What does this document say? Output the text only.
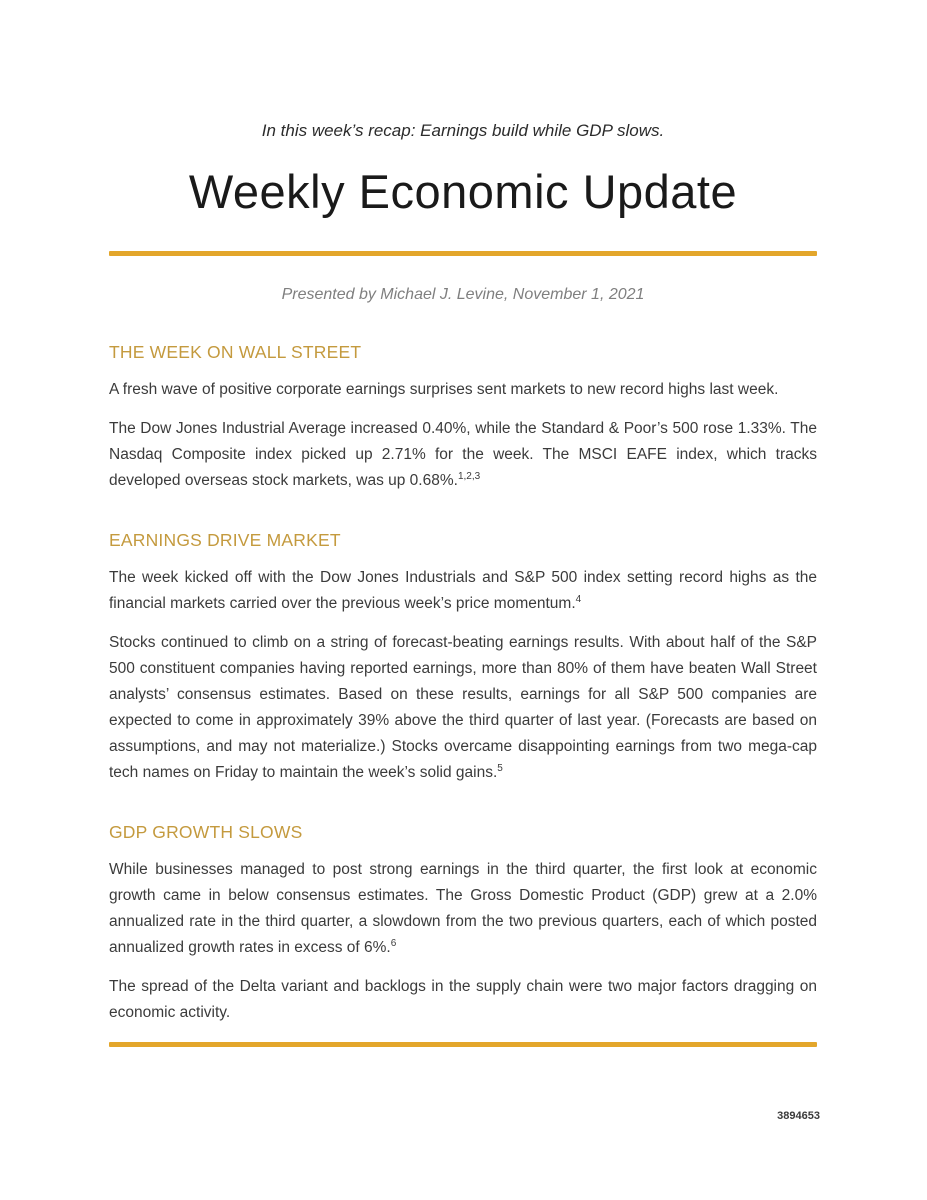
In this week’s recap: Earnings build while GDP slows.
Weekly Economic Update
Presented by Michael J. Levine, November 1, 2021
THE WEEK ON WALL STREET

A fresh wave of positive corporate earnings surprises sent markets to new record highs last week.

The Dow Jones Industrial Average increased 0.40%, while the Standard & Poor’s 500 rose 1.33%. The Nasdaq Composite index picked up 2.71% for the week. The MSCI EAFE index, which tracks developed overseas stock markets, was up 0.68%.$^{1,2,3}$

EARNINGS DRIVE MARKET

The week kicked off with the Dow Jones Industrials and S&P 500 index setting record highs as the financial markets carried over the previous week’s price momentum.$^4$

Stocks continued to climb on a string of forecast-beating earnings results. With about half of the S&P 500 constituent companies having reported earnings, more than 80% of them have beaten Wall Street analysts’ consensus estimates. Based on these results, earnings for all S&P 500 companies are expected to come in approximately 39% above the third quarter of last year. (Forecasts are based on assumptions, and may not materialize.) Stocks overcame disappointing earnings from two mega-cap tech names on Friday to maintain the week’s solid gains.$^5$

GDP GROWTH SLOWS

While businesses managed to post strong earnings in the third quarter, the first look at economic growth came in below consensus estimates. The Gross Domestic Product (GDP) grew at a 2.0% annualized rate in the third quarter, a slowdown from the two previous quarters, each of which posted annualized growth rates in excess of 6%.$^6$

The spread of the Delta variant and backlogs in the supply chain were two major factors dragging on economic activity.

3894653
